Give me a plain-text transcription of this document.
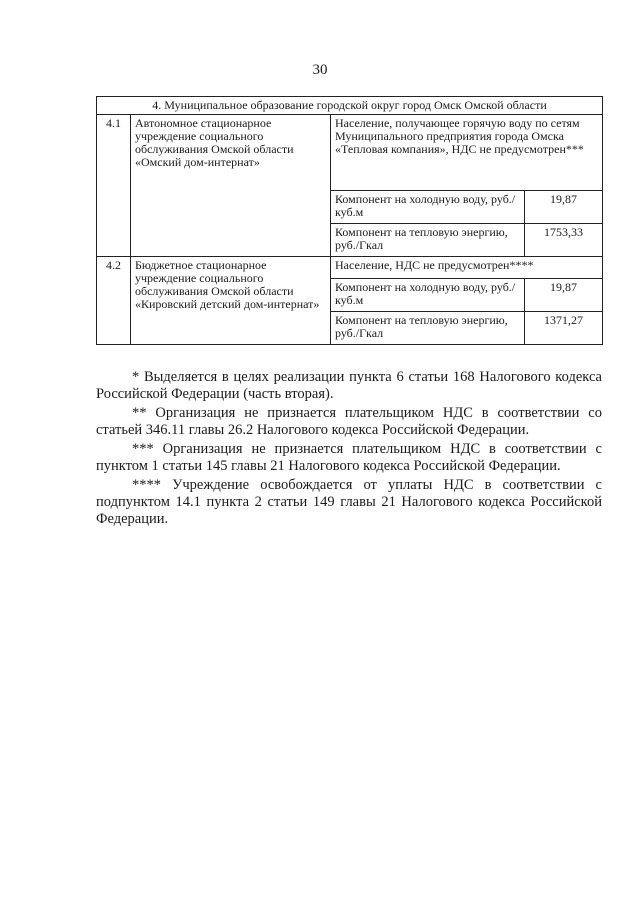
30
4. Муниципальное образование городской округ город Омск Омской области			
4.1	Автономное стационарное учреждение социального обслуживания Омской области «Омский дом-интернат»	Население, получающее горячую воду по сетям Муниципального предприятия города Омска «Тепловая компания», НДС не предусмотрен***	
		Компонент на холодную воду, руб./куб.м	19,87
		Компонент на тепловую энергию, руб./Гкал	1753,33
4.2	Бюджетное стационарное учреждение социального обслуживания Омской области «Кировский детский дом-интернат»	Население, НДС не предусмотрен****	
		Компонент на холодную воду, руб./куб.м	19,87
		Компонент на тепловую энергию, руб./Гкал	1371,27

* Выделяется в целях реализации пункта 6 статьи 168 Налогового кодекса Российской Федерации (часть вторая).

** Организация не признается плательщиком НДС в соответствии со статьей 346.11 главы 26.2 Налогового кодекса Российской Федерации.

*** Организация не признается плательщиком НДС в соответствии с пунктом 1 статьи 145 главы 21 Налогового кодекса Российской Федерации.

**** Учреждение освобождается от уплаты НДС в соответствии с подпунктом 14.1 пункта 2 статьи 149 главы 21 Налогового кодекса Российской Федерации.
